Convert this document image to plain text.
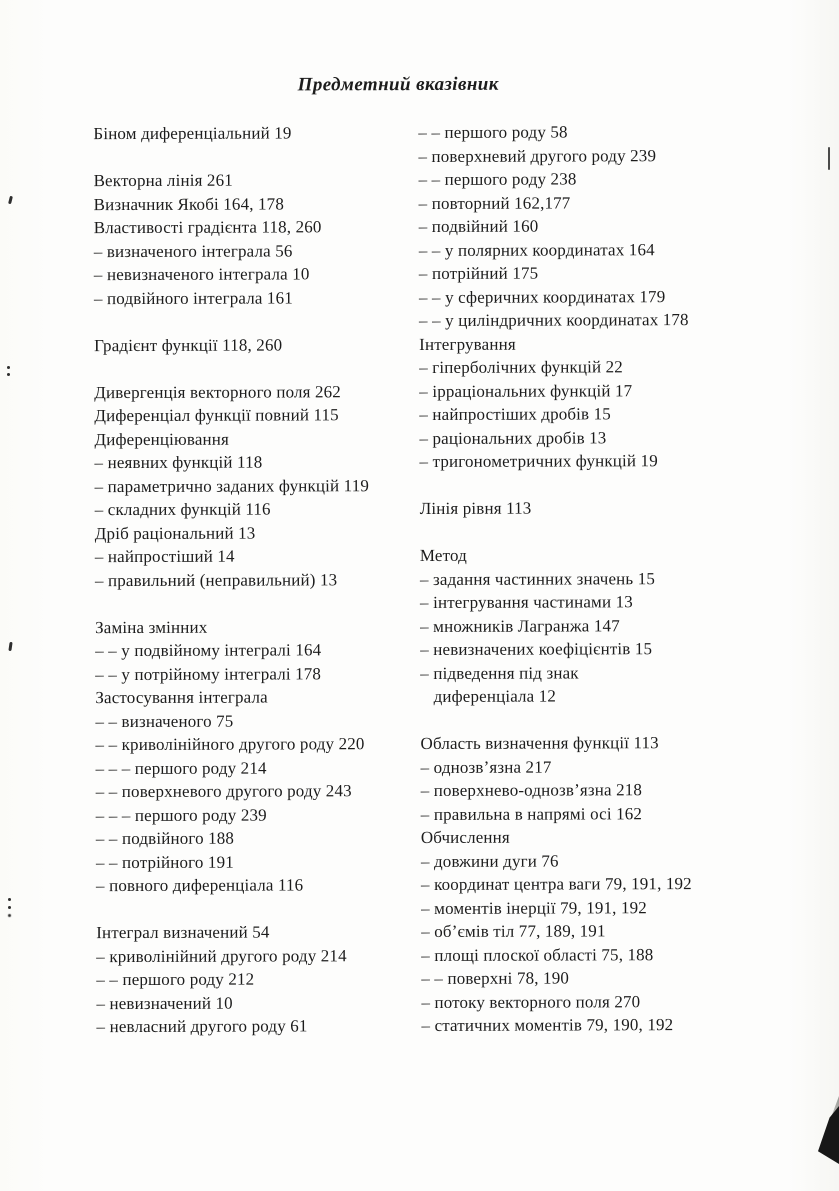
Предметний вказівник
Біном диференціальний 19
Векторна лінія 261
Визначник Якобі 164, 178
Властивості градієнта 118, 260
– визначеного інтеграла 56
– невизначеного інтеграла 10
– подвійного інтеграла 161
Градієнт функції 118, 260
Дивергенція векторного поля 262
Диференціал функції повний 115
Диференціювання
– неявних функцій 118
– параметрично заданих функцій 119
– складних функцій 116
Дріб раціональний 13
– найпростіший 14
– правильний (неправильний) 13
Заміна змінних
– – у подвійному інтегралі 164
– – у потрійному інтегралі 178
Застосування інтеграла
– – визначеного 75
– – криволінійного другого роду 220
– – – першого роду 214
– – поверхневого другого роду 243
– – – першого роду 239
– – подвійного 188
– – потрійного 191
– повного диференціала 116
Інтеграл визначений 54
– криволінійний другого роду 214
– – першого роду 212
– невизначений 10
– невласний другого роду 61
– – першого роду 58
– поверхневий другого роду 239
– – першого роду 238
– повторний 162,177
– подвійний 160
– – у полярних координатах 164
– потрійний 175
– – у сферичних координатах 179
– – у циліндричних координатах 178
Інтегрування
– гіперболічних функцій 22
– ірраціональних функцій 17
– найпростіших дробів 15
– раціональних дробів 13
– тригонометричних функцій 19
Лінія рівня 113
Метод
– задання частинних значень 15
– інтегрування частинами 13
– множників Лагранжа 147
– невизначених коефіцієнтів 15
– підведення під знак
диференціала 12
Область визначення функції 113
– однозв’язна 217
– поверхнево-однозв’язна 218
– правильна в напрямі осі 162
Обчислення
– довжини дуги 76
– координат центра ваги 79, 191, 192
– моментів інерції 79, 191, 192
– об’ємів тіл 77, 189, 191
– площі плоскої області 75, 188
– – поверхні 78, 190
– потоку векторного поля 270
– статичних моментів 79, 190, 192
